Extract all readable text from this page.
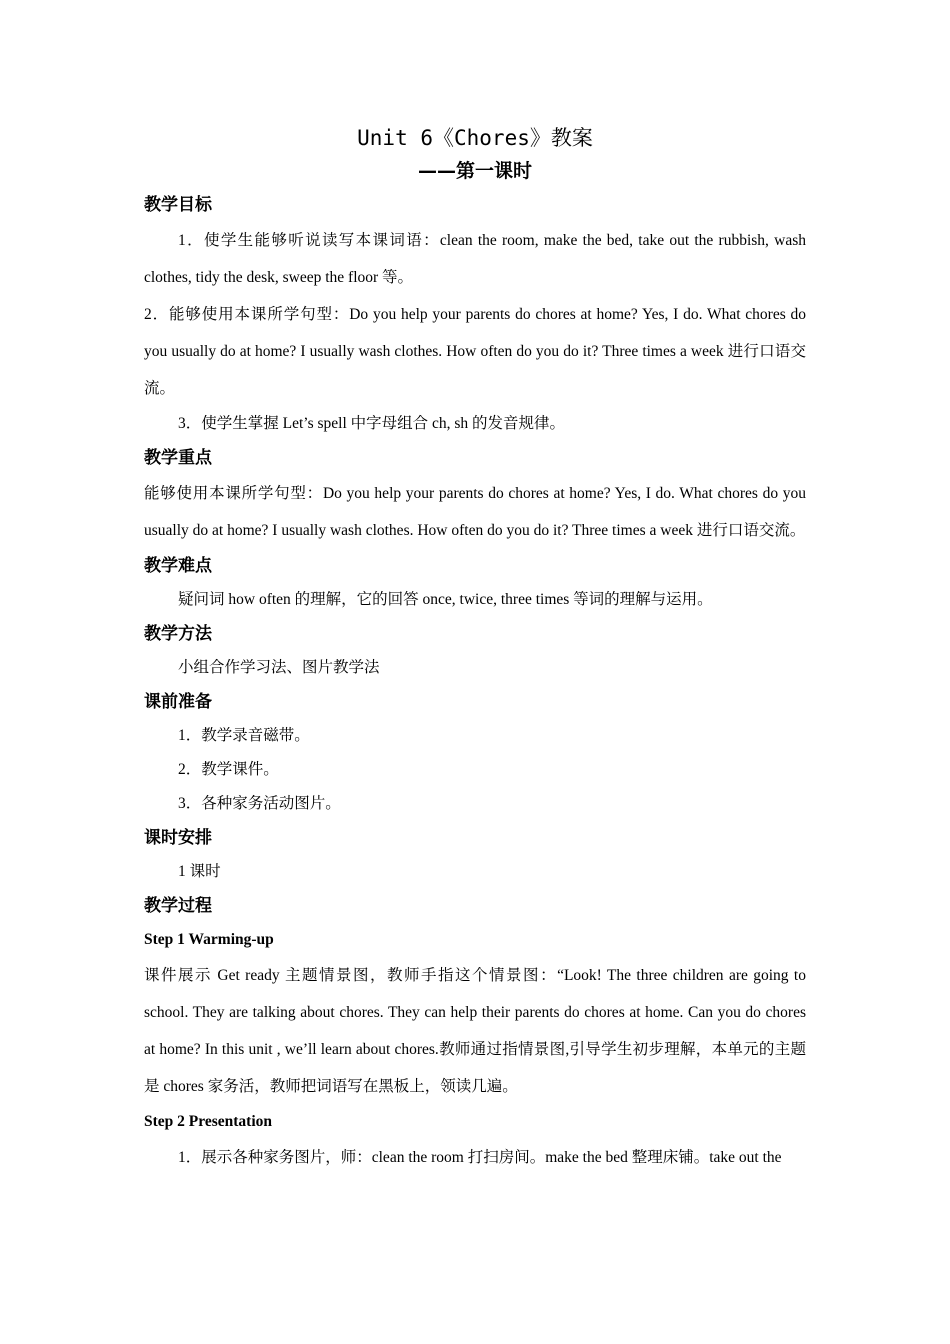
Unit 6《Chores》教案

——第一课时

教学目标

1．使学生能够听说读写本课词语：clean the room, make the bed, take out the rubbish, wash clothes, tidy the desk, sweep the floor 等。

2．能够使用本课所学句型：Do you help your parents do chores at home? Yes, I do. What chores do you usually do at home? I usually wash clothes. How often do you do it? Three times a week 进行口语交流。

3．使学生掌握 Let’s spell 中字母组合 ch, sh 的发音规律。

教学重点

能够使用本课所学句型：Do you help your parents do chores at home? Yes, I do. What chores do you usually do at home? I usually wash clothes. How often do you do it? Three times a week 进行口语交流。

教学难点

疑问词 how often 的理解，它的回答 once, twice, three times 等词的理解与运用。

教学方法

小组合作学习法、图片教学法

课前准备

1．教学录音磁带。

2．教学课件。

3．各种家务活动图片。

课时安排

1 课时

教学过程

Step 1 Warming-up

课件展示 Get ready 主题情景图，教师手指这个情景图：“Look! The three children are going to school. They are talking about chores. They can help their parents do chores at home. Can you do chores at home? In this unit , we’ll learn about chores.教师通过指情景图,引导学生初步理解，本单元的主题是 chores 家务活，教师把词语写在黑板上，领读几遍。

Step 2 Presentation

1．展示各种家务图片，师：clean the room 打扫房间。make the bed 整理床铺。take out the
